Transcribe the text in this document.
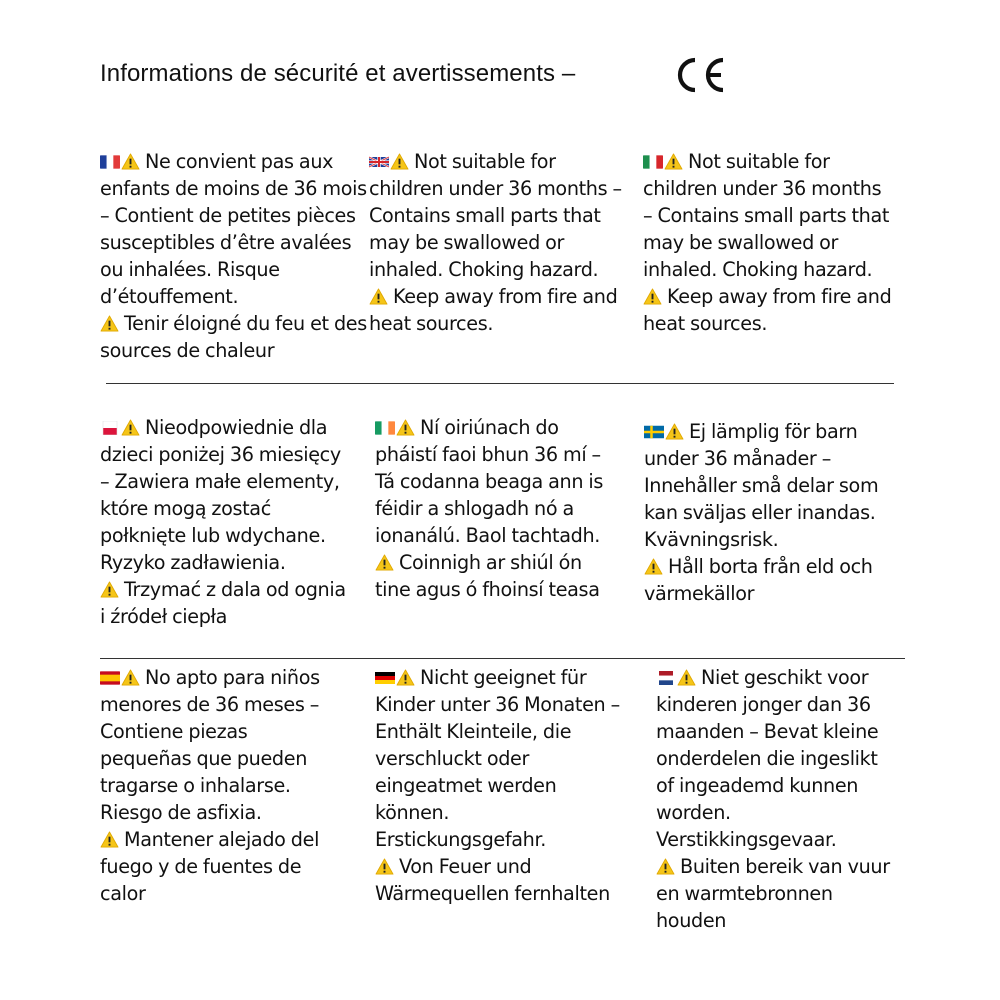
Informations de sécurité et avertissements –

Ne convient pas aux enfants de moins de 36 mois – Contient de petites pièces susceptibles d’être avalées ou inhalées. Risque d’étouffement.

Tenir éloigné du feu et des sources de chaleur

Not suitable for children under 36 months – Contains small parts that may be swallowed or inhaled. Choking hazard.

Keep away from fire and heat sources.

Not suitable for children under 36 months – Contains small parts that may be swallowed or inhaled. Choking hazard.

Keep away from fire and heat sources.

Nieodpowiednie dla dzieci poniżej 36 miesięcy – Zawiera małe elementy, które mogą zostać połknięte lub wdychane. Ryzyko zadławienia.

Trzymać z dala od ognia i źródeł ciepła

Ní oiriúnach do pháistí faoi bhun 36 mí – Tá codanna beaga ann is féidir a shlogadh nó a ionanálú. Baol tachtadh.

Coinnigh ar shiúl ón tine agus ó fhoinsí teasa

Ej lämplig för barn under 36 månader – Innehåller små delar som kan sväljas eller inandas. Kvävningsrisk.

Håll borta från eld och värmekällor

No apto para niños menores de 36 meses – Contiene piezas pequeñas que pueden tragarse o inhalarse. Riesgo de asfixia.

Mantener alejado del fuego y de fuentes de calor

Nicht geeignet für Kinder unter 36 Monaten – Enthält Kleinteile, die verschluckt oder eingeatmet werden können. Erstickungsgefahr.

Von Feuer und Wärmequellen fernhalten

Niet geschikt voor kinderen jonger dan 36 maanden – Bevat kleine onderdelen die ingeslikt of ingeademd kunnen worden. Verstikkingsgevaar.

Buiten bereik van vuur en warmtebronnen houden
